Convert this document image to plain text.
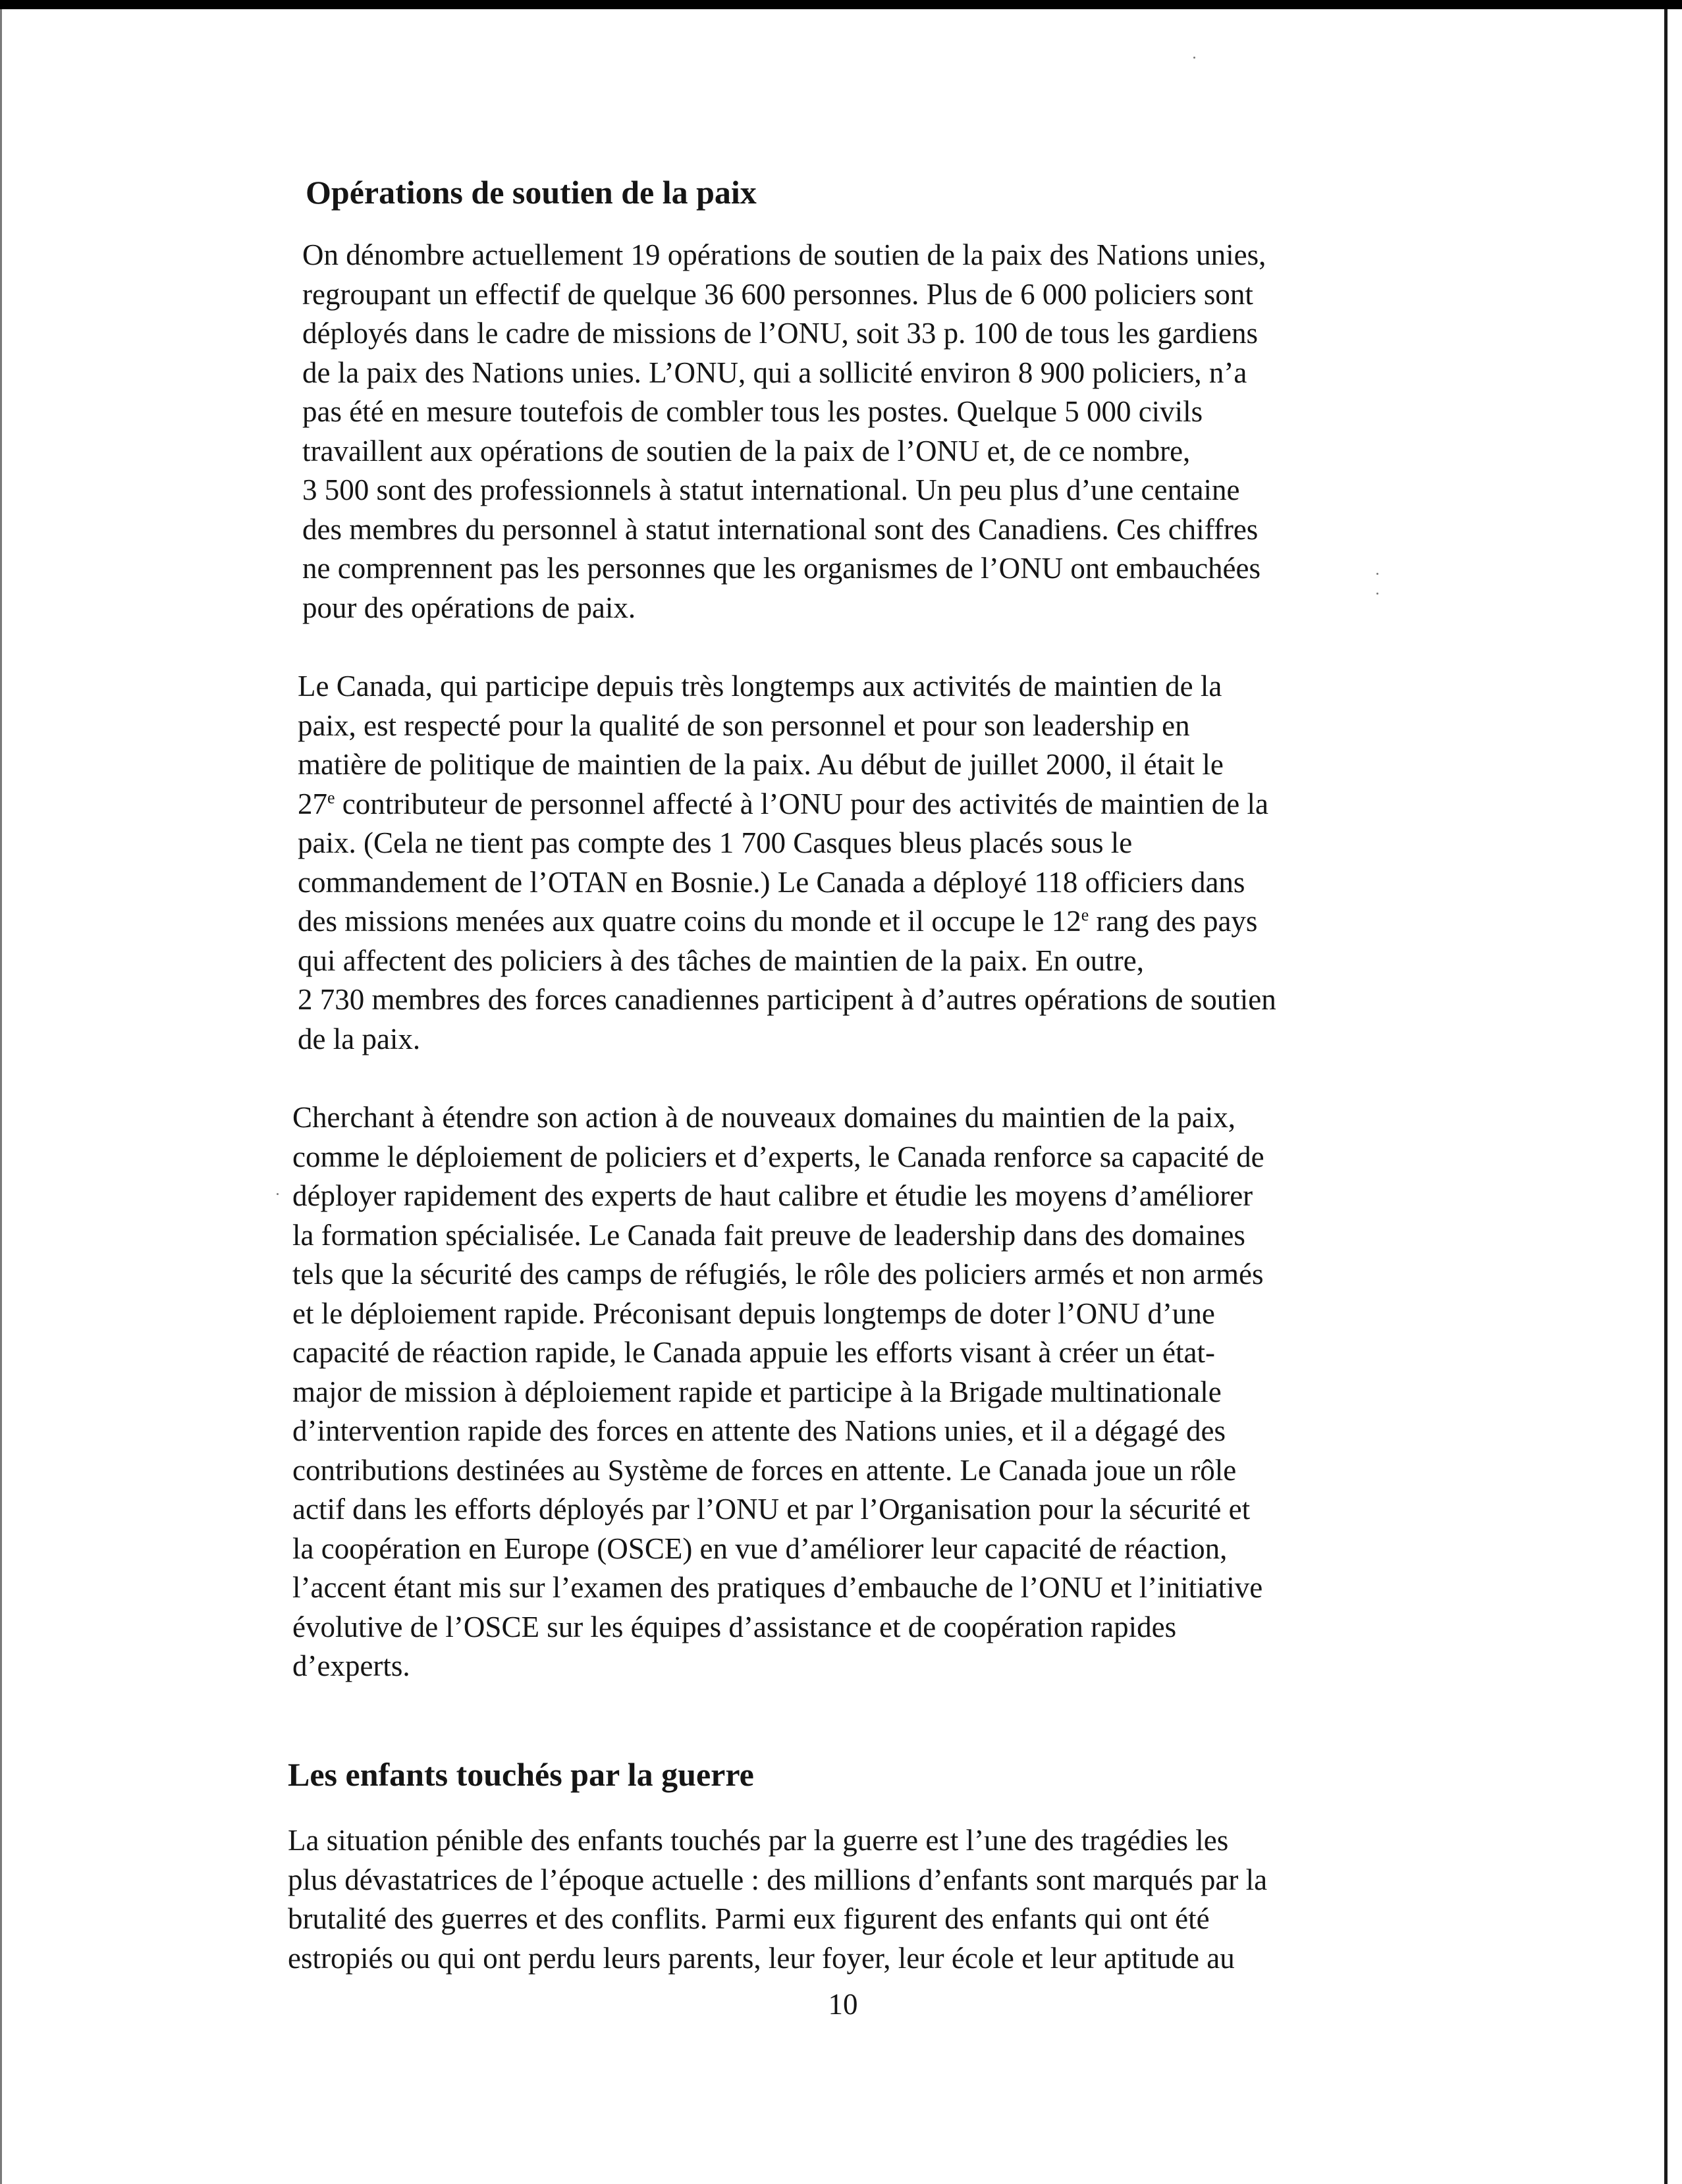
Opérations de soutien de la paix

On dénombre actuellement 19 opérations de soutien de la paix des Nations unies,
regroupant un effectif de quelque 36 600 personnes. Plus de 6 000 policiers sont
déployés dans le cadre de missions de l’ONU, soit 33 p. 100 de tous les gardiens
de la paix des Nations unies. L’ONU, qui a sollicité environ 8 900 policiers, n’a
pas été en mesure toutefois de combler tous les postes. Quelque 5 000 civils
travaillent aux opérations de soutien de la paix de l’ONU et, de ce nombre,
3 500 sont des professionnels à statut international. Un peu plus d’une centaine
des membres du personnel à statut international sont des Canadiens. Ces chiffres
ne comprennent pas les personnes que les organismes de l’ONU ont embauchées
pour des opérations de paix.

Le Canada, qui participe depuis très longtemps aux activités de maintien de la
paix, est respecté pour la qualité de son personnel et pour son leadership en
matière de politique de maintien de la paix. Au début de juillet 2000, il était le
27e contributeur de personnel affecté à l’ONU pour des activités de maintien de la
paix. (Cela ne tient pas compte des 1 700 Casques bleus placés sous le
commandement de l’OTAN en Bosnie.) Le Canada a déployé 118 officiers dans
des missions menées aux quatre coins du monde et il occupe le 12e rang des pays
qui affectent des policiers à des tâches de maintien de la paix. En outre,
2 730 membres des forces canadiennes participent à d’autres opérations de soutien
de la paix.

Cherchant à étendre son action à de nouveaux domaines du maintien de la paix,
comme le déploiement de policiers et d’experts, le Canada renforce sa capacité de
déployer rapidement des experts de haut calibre et étudie les moyens d’améliorer
la formation spécialisée. Le Canada fait preuve de leadership dans des domaines
tels que la sécurité des camps de réfugiés, le rôle des policiers armés et non armés
et le déploiement rapide. Préconisant depuis longtemps de doter l’ONU d’une
capacité de réaction rapide, le Canada appuie les efforts visant à créer un état-
major de mission à déploiement rapide et participe à la Brigade multinationale
d’intervention rapide des forces en attente des Nations unies, et il a dégagé des
contributions destinées au Système de forces en attente. Le Canada joue un rôle
actif dans les efforts déployés par l’ONU et par l’Organisation pour la sécurité et
la coopération en Europe (OSCE) en vue d’améliorer leur capacité de réaction,
l’accent étant mis sur l’examen des pratiques d’embauche de l’ONU et l’initiative
évolutive de l’OSCE sur les équipes d’assistance et de coopération rapides
d’experts.

Les enfants touchés par la guerre

La situation pénible des enfants touchés par la guerre est l’une des tragédies les
plus dévastatrices de l’époque actuelle : des millions d’enfants sont marqués par la
brutalité des guerres et des conflits. Parmi eux figurent des enfants qui ont été
estropiés ou qui ont perdu leurs parents, leur foyer, leur école et leur aptitude au

10
